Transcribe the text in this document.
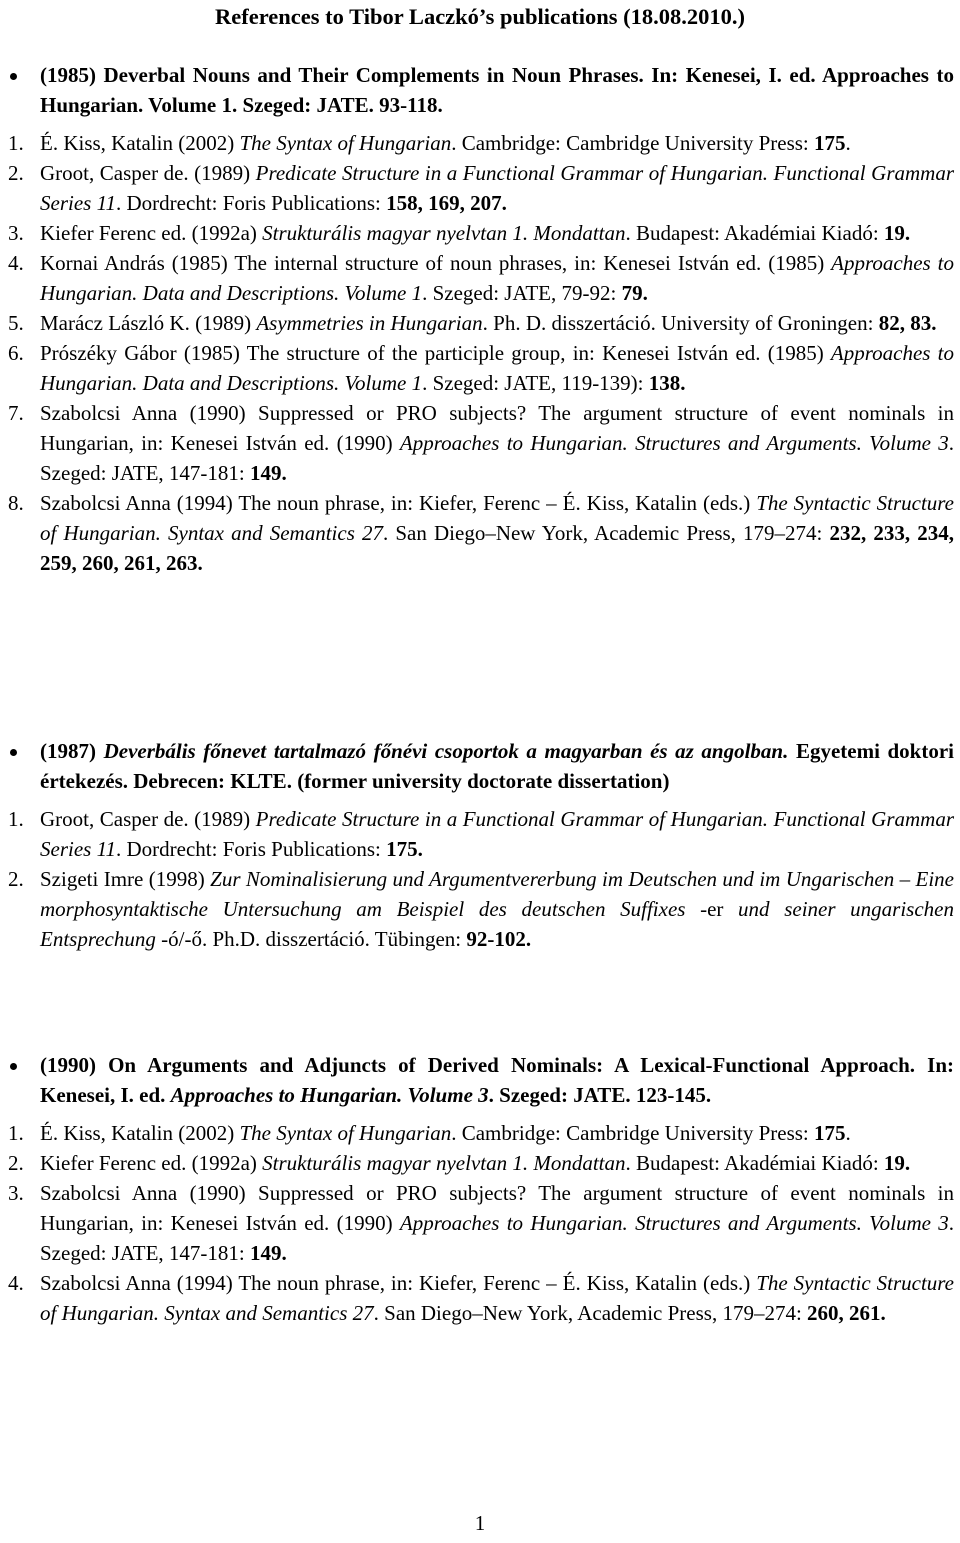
References to Tibor Laczkó’s publications (18.08.2010.)
(1985) Deverbal Nouns and Their Complements in Noun Phrases. In: Kenesei, I. ed. Approaches to Hungarian. Volume 1. Szeged: JATE. 93-118.
1. É. Kiss, Katalin (2002) The Syntax of Hungarian. Cambridge: Cambridge University Press: 175.
2. Groot, Casper de. (1989) Predicate Structure in a Functional Grammar of Hungarian. Functional Grammar Series 11. Dordrecht: Foris Publications: 158, 169, 207.
3. Kiefer Ferenc ed. (1992a) Strukturális magyar nyelvtan 1. Mondattan. Budapest: Akadémiai Kiadó: 19.
4. Kornai András (1985) The internal structure of noun phrases, in: Kenesei István ed. (1985) Approaches to Hungarian. Data and Descriptions. Volume 1. Szeged: JATE, 79-92: 79.
5. Marácz László K. (1989) Asymmetries in Hungarian. Ph. D. disszertáció. University of Groningen: 82, 83.
6. Prószéky Gábor (1985) The structure of the participle group, in: Kenesei István ed. (1985) Approaches to Hungarian. Data and Descriptions. Volume 1. Szeged: JATE, 119-139): 138.
7. Szabolcsi Anna (1990) Suppressed or PRO subjects? The argument structure of event nominals in Hungarian, in: Kenesei István ed. (1990) Approaches to Hungarian. Structures and Arguments. Volume 3. Szeged: JATE, 147-181: 149.
8. Szabolcsi Anna (1994) The noun phrase, in: Kiefer, Ferenc – É. Kiss, Katalin (eds.) The Syntactic Structure of Hungarian. Syntax and Semantics 27. San Diego–New York, Academic Press, 179–274: 232, 233, 234, 259, 260, 261, 263.
(1987) Deverbális főnevet tartalmazó főnévi csoportok a magyarban és az angolban. Egyetemi doktori értekezés. Debrecen: KLTE. (former university doctorate dissertation)
1. Groot, Casper de. (1989) Predicate Structure in a Functional Grammar of Hungarian. Functional Grammar Series 11. Dordrecht: Foris Publications: 175.
2. Szigeti Imre (1998) Zur Nominalisierung und Argumentvererbung im Deutschen und im Ungarischen – Eine morphosyntaktische Untersuchung am Beispiel des deutschen Suffixes -er und seiner ungarischen Entsprechung -ó/-ő. Ph.D. disszertáció. Tübingen: 92-102.
(1990) On Arguments and Adjuncts of Derived Nominals: A Lexical-Functional Approach. In: Kenesei, I. ed. Approaches to Hungarian. Volume 3. Szeged: JATE. 123-145.
1. É. Kiss, Katalin (2002) The Syntax of Hungarian. Cambridge: Cambridge University Press: 175.
2. Kiefer Ferenc ed. (1992a) Strukturális magyar nyelvtan 1. Mondattan. Budapest: Akadémiai Kiadó: 19.
3. Szabolcsi Anna (1990) Suppressed or PRO subjects? The argument structure of event nominals in Hungarian, in: Kenesei István ed. (1990) Approaches to Hungarian. Structures and Arguments. Volume 3. Szeged: JATE, 147-181: 149.
4. Szabolcsi Anna (1994) The noun phrase, in: Kiefer, Ferenc – É. Kiss, Katalin (eds.) The Syntactic Structure of Hungarian. Syntax and Semantics 27. San Diego–New York, Academic Press, 179–274: 260, 261.
1
